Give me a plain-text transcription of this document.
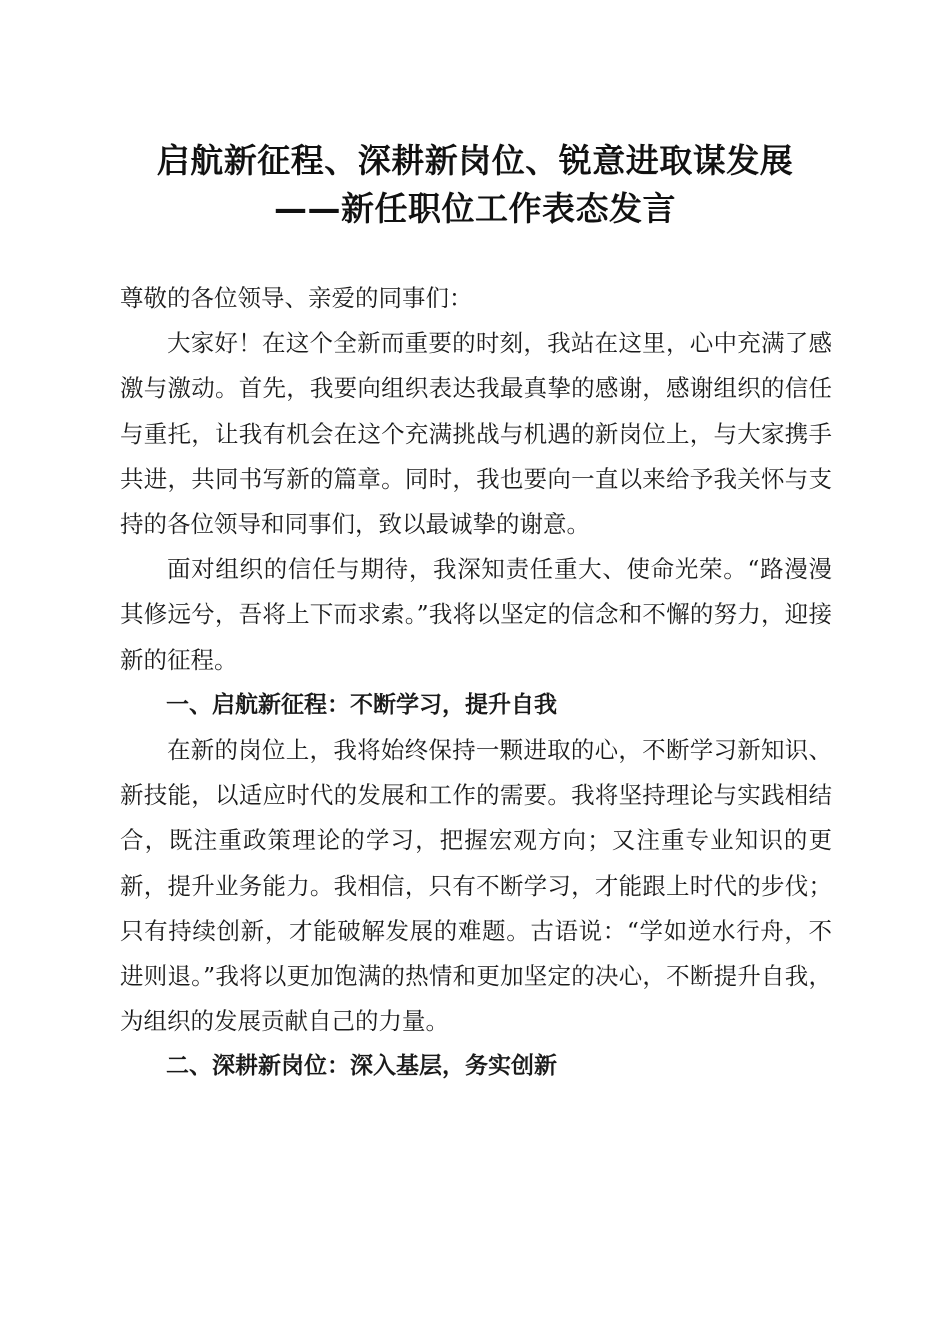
启航新征程、深耕新岗位、锐意进取谋发展
——新任职位工作表态发言

尊敬的各位领导、亲爱的同事们：

大家好！在这个全新而重要的时刻，我站在这里，心中充满了感激与激动。首先，我要向组织表达我最真挚的感谢，感谢组织的信任与重托，让我有机会在这个充满挑战与机遇的新岗位上，与大家携手共进，共同书写新的篇章。同时，我也要向一直以来给予我关怀与支持的各位领导和同事们，致以最诚挚的谢意。

面对组织的信任与期待，我深知责任重大、使命光荣。“路漫漫其修远兮，吾将上下而求索。”我将以坚定的信念和不懈的努力，迎接新的征程。

一、启航新征程：不断学习，提升自我

在新的岗位上，我将始终保持一颗进取的心，不断学习新知识、新技能，以适应时代的发展和工作的需要。我将坚持理论与实践相结合，既注重政策理论的学习，把握宏观方向；又注重专业知识的更新，提升业务能力。我相信，只有不断学习，才能跟上时代的步伐；只有持续创新，才能破解发展的难题。古语说：“学如逆水行舟，不进则退。”我将以更加饱满的热情和更加坚定的决心，不断提升自我，为组织的发展贡献自己的力量。

二、深耕新岗位：深入基层，务实创新
